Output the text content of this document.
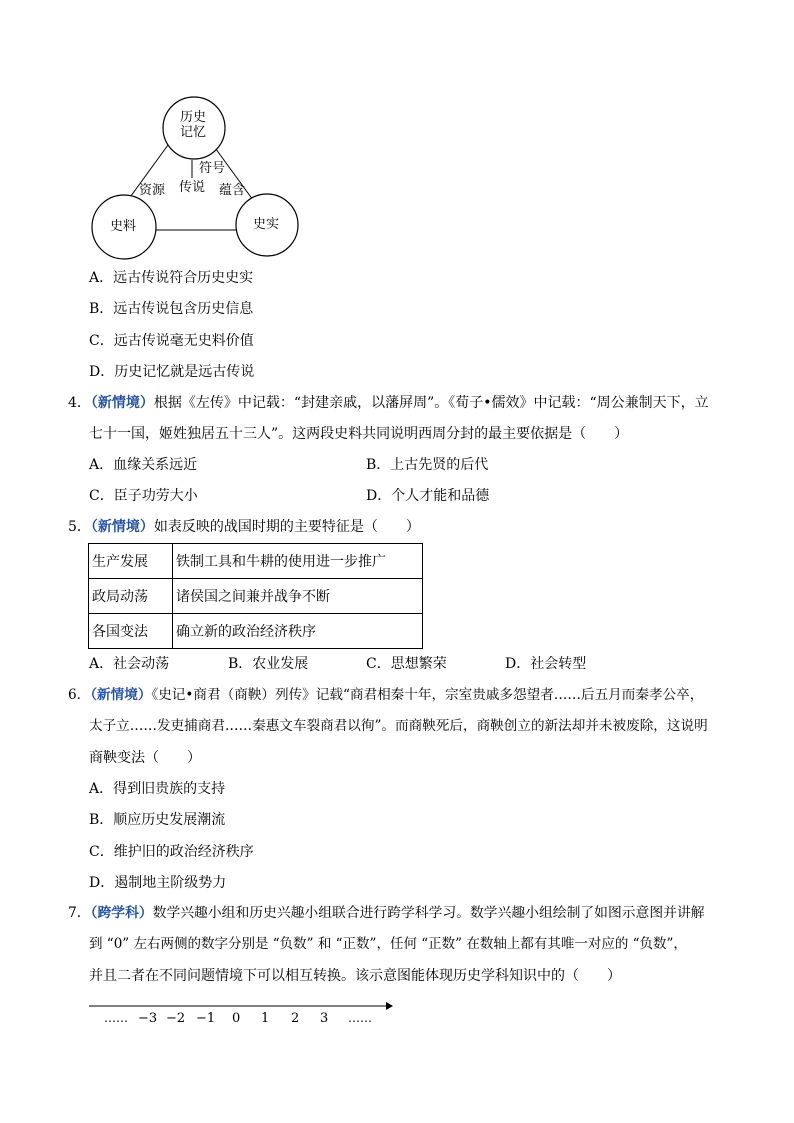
历史
记忆
史料	史实
符号
传说
资源	蕴含
A．远古传说符合历史史实
B．远古传说包含历史信息
C．远古传说毫无史料价值
D．历史记忆就是远古传说
4．（新情境）根据《左传》中记载：“封建亲戚，以藩屏周”。《荀子•儒效》中记载：“周公兼制天下，立
七十一国，姬姓独居五十三人”。这两段史料共同说明西周分封的最主要依据是（　　）
A．血缘关系远近	B．上古先贤的后代
C．臣子功劳大小	D．个人才能和品德
5．（新情境）如表反映的战国时期的主要特征是（　　）
生产发展	铁制工具和牛耕的使用进一步推广
政局动荡	诸侯国之间兼并战争不断
各国变法	确立新的政治经济秩序
A．社会动荡	B．农业发展	C．思想繁荣	D．社会转型
6．（新情境）《史记•商君（商鞅）列传》记载“商君相秦十年，宗室贵戚多怨望者……后五月而秦孝公卒，
太子立……发吏捕商君……秦惠文车裂商君以徇”。而商鞅死后，商鞅创立的新法却并未被废除，这说明
商鞅变法（　　）
A．得到旧贵族的支持
B．顺应历史发展潮流
C．维护旧的政治经济秩序
D．遏制地主阶级势力
7．（跨学科）数学兴趣小组和历史兴趣小组联合进行跨学科学习。数学兴趣小组绘制了如图示意图并讲解
到 “0” 左右两侧的数字分别是 “负数” 和 “正数”，任何 “正数” 在数轴上都有其唯一对应的 “负数”，
并且二者在不同问题情境下可以相互转换。该示意图能体现历史学科知识中的（　　）
…… −3 −2 −1 0 1 2 3 ……
